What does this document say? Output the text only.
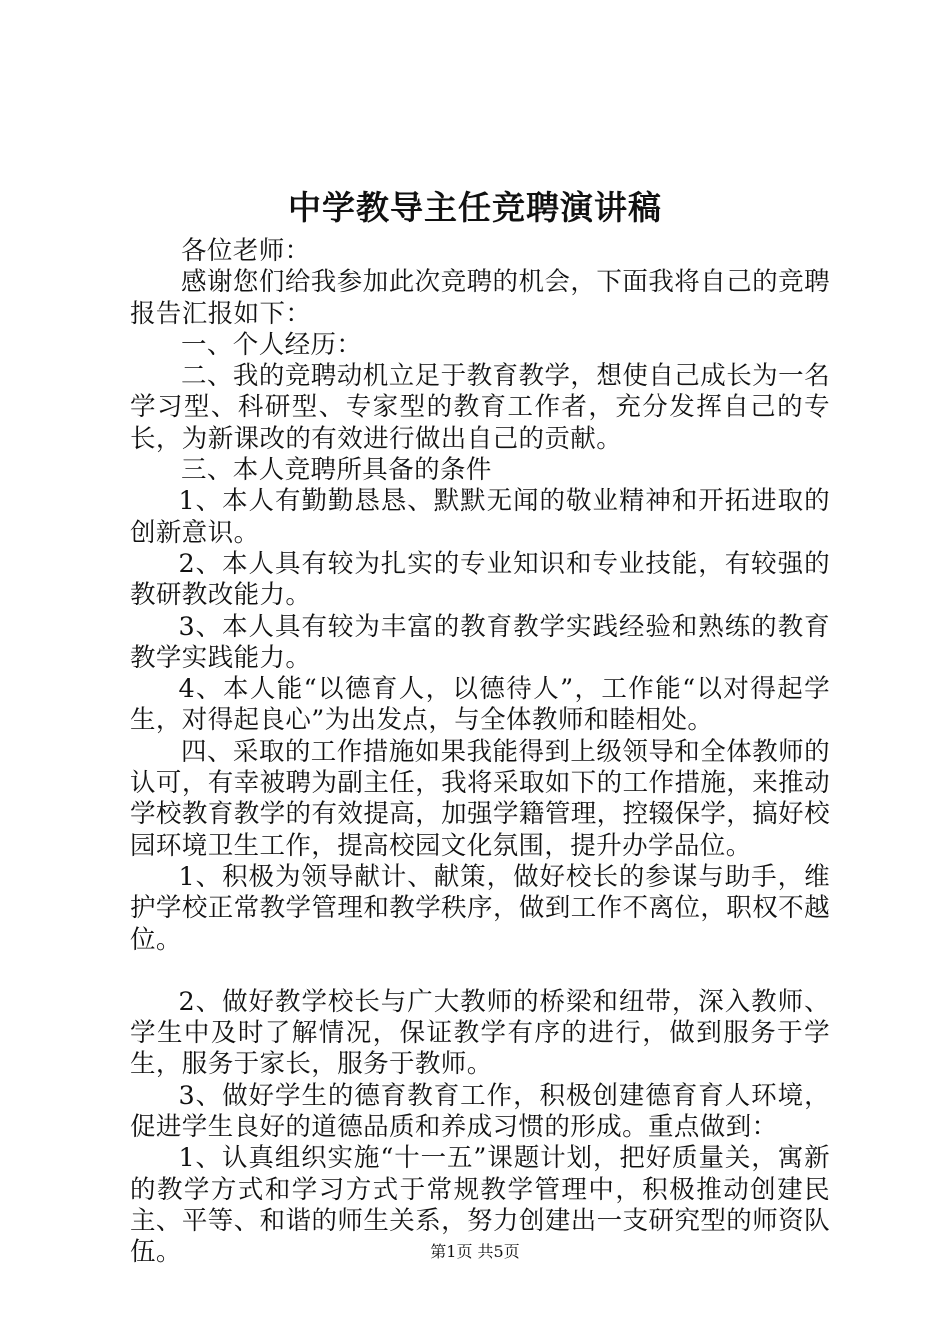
中学教导主任竞聘演讲稿

各位老师：

感谢您们给我参加此次竞聘的机会，下面我将自己的竞聘报告汇报如下：

一、个人经历：

二、我的竞聘动机立足于教育教学，想使自己成长为一名学习型、科研型、专家型的教育工作者，充分发挥自己的专长，为新课改的有效进行做出自己的贡献。

三、本人竞聘所具备的条件

1、本人有勤勤恳恳、默默无闻的敬业精神和开拓进取的创新意识。

2、本人具有较为扎实的专业知识和专业技能，有较强的教研教改能力。

3、本人具有较为丰富的教育教学实践经验和熟练的教育教学实践能力。

4、本人能“以德育人，以德待人”，工作能“以对得起学生，对得起良心”为出发点，与全体教师和睦相处。

四、采取的工作措施如果我能得到上级领导和全体教师的认可，有幸被聘为副主任，我将采取如下的工作措施，来推动学校教育教学的有效提高，加强学籍管理，控辍保学，搞好校园环境卫生工作，提高校园文化氛围，提升办学品位。

1、积极为领导献计、献策，做好校长的参谋与助手，维护学校正常教学管理和教学秩序，做到工作不离位，职权不越位。

2、做好教学校长与广大教师的桥梁和纽带，深入教师、学生中及时了解情况，保证教学有序的进行，做到服务于学生，服务于家长，服务于教师。

3、做好学生的德育教育工作，积极创建德育育人环境，促进学生良好的道德品质和养成习惯的形成。重点做到：

1、认真组织实施“十一五”课题计划，把好质量关，寓新的教学方式和学习方式于常规教学管理中，积极推动创建民主、平等、和谐的师生关系，努力创建出一支研究型的师资队伍。	第1页 共5页
